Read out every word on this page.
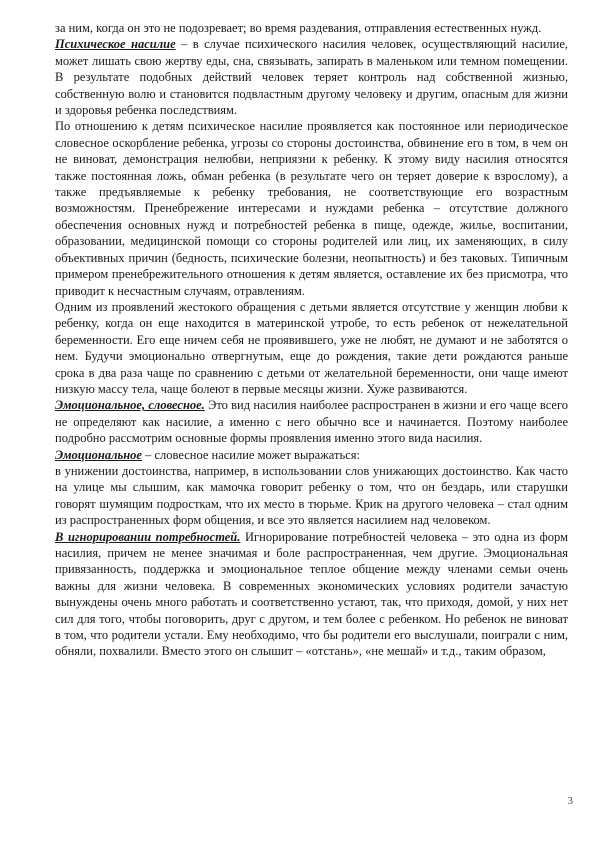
за ним, когда он это не подозревает; во время раздевания, отправления естественных нужд.

Психическое насилие – в случае психического насилия человек, осуществляющий насилие, может лишать свою жертву еды, сна, связывать, запирать в маленьком или темном помещении. В результате подобных действий человек теряет контроль над собственной жизнью, собственную волю и становится подвластным другому человеку и другим, опасным для жизни и здоровья ребенка последствиям.

По отношению к детям психическое насилие проявляется как постоянное или периодическое словесное оскорбление ребенка, угрозы со стороны достоинства, обвинение его в том, в чем он не виноват, демонстрация нелюбви, неприязни к ребенку. К этому виду насилия относятся также постоянная ложь, обман ребенка (в результате чего он теряет доверие к взрослому), а также предъявляемые к ребенку требования, не соответствующие его возрастным возможностям. Пренебрежение интересами и нуждами ребенка – отсутствие должного обеспечения основных нужд и потребностей ребенка в пище, одежде, жилье, воспитании, образовании, медицинской помощи со стороны родителей или лиц, их заменяющих, в силу объективных причин (бедность, психические болезни, неопытность) и без таковых. Типичным примером пренебрежительного отношения к детям является, оставление их без присмотра, что приводит к несчастным случаям, отравлениям.

Одним из проявлений жестокого обращения с детьми является отсутствие у женщин любви к ребенку, когда он еще находится в материнской утробе, то есть ребенок от нежелательной беременности. Его еще ничем себя не проявившего, уже не любят, не думают и не заботятся о нем. Будучи эмоционально отвергнутым, еще до рождения, такие дети рождаются раньше срока в два раза чаще по сравнению с детьми от желательной беременности, они чаще имеют низкую массу тела, чаще болеют в первые месяцы жизни. Хуже развиваются.

Эмоциональное, словесное. Это вид насилия наиболее распространен в жизни и его чаще всего не определяют как насилие, а именно с него обычно все и начинается. Поэтому наиболее подробно рассмотрим основные формы проявления именно этого вида насилия.

Эмоциональное – словесное насилие может выражаться:

в унижении достоинства, например, в использовании слов унижающих достоинство. Как часто на улице мы слышим, как мамочка говорит ребенку о том, что он бездарь, или старушки говорят шумящим подросткам, что их место в тюрьме. Крик на другого человека – стал одним из распространенных форм общения, и все это является насилием над человеком.

В игнорировании потребностей. Игнорирование потребностей человека – это одна из форм насилия, причем не менее значимая и боле распространенная, чем другие. Эмоциональная привязанность, поддержка и эмоциональное теплое общение между членами семьи очень важны для жизни человека. В современных экономических условиях родители зачастую вынуждены очень много работать и соответственно устают, так, что приходя, домой, у них нет сил для того, чтобы поговорить, друг с другом, и тем более с ребенком. Но ребенок не виноват в том, что родители устали. Ему необходимо, что бы родители его выслушали, поиграли с ним, обняли, похвалили. Вместо этого он слышит – «отстань», «не мешай» и т.д., таким образом,

3
